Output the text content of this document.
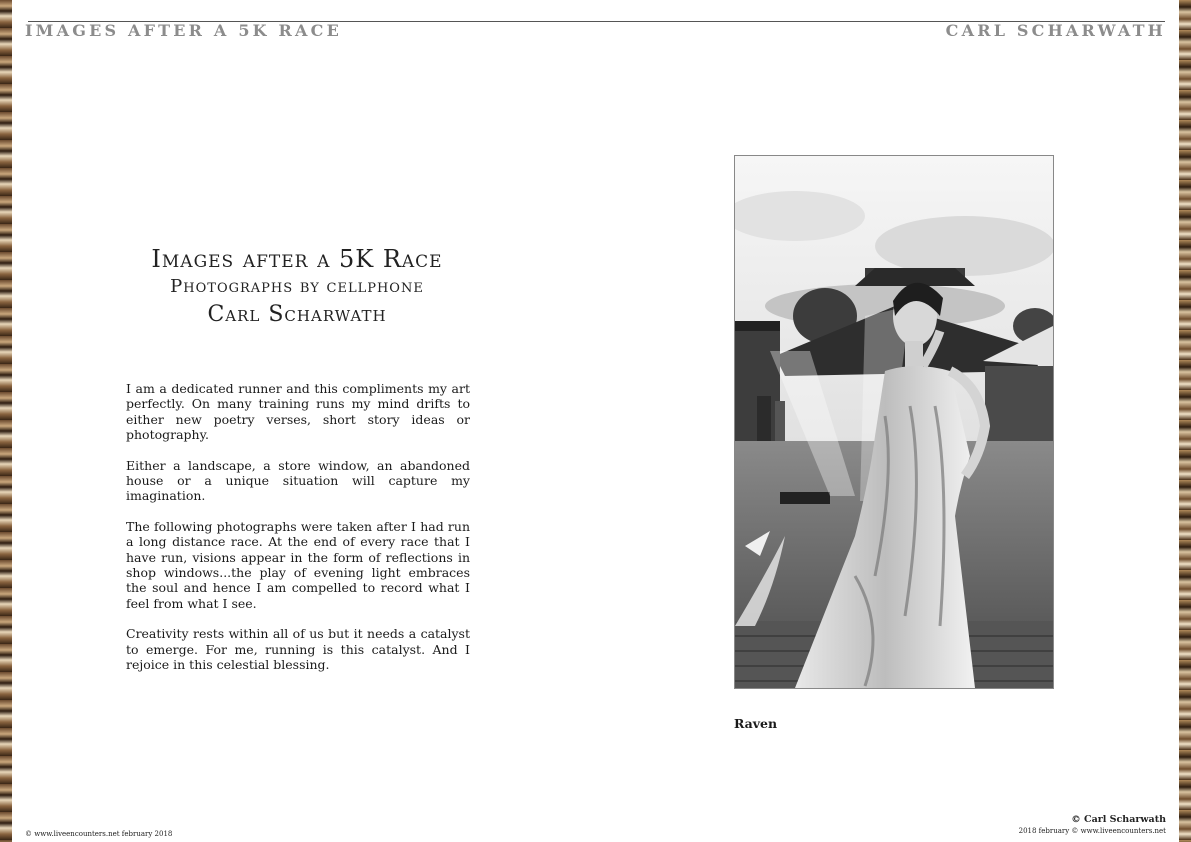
IMAGES AFTER A 5K RACE	CARL SCHARWATH
Images after a 5K Race
Photographs by cellphone
Carl Scharwath

I am a dedicated runner and this compliments my art perfectly. On many training runs my mind drifts to either new poetry verses, short story ideas or photography.

Either a landscape, a store window, an abandoned house or a unique situation will capture my imagination.

The following photographs were taken after I had run a long distance race. At the end of every race that I have run, visions appear in the form of reflections in shop windows...the play of evening light embraces the soul and hence I am compelled to record what I feel from what I see.

Creativity rests within all of us but it needs a catalyst to emerge. For me, running is this catalyst. And I rejoice in this celestial blessing.

Raven
© www.liveencounters.net february 2018
© Carl Scharwath
2018 february © www.liveencounters.net
